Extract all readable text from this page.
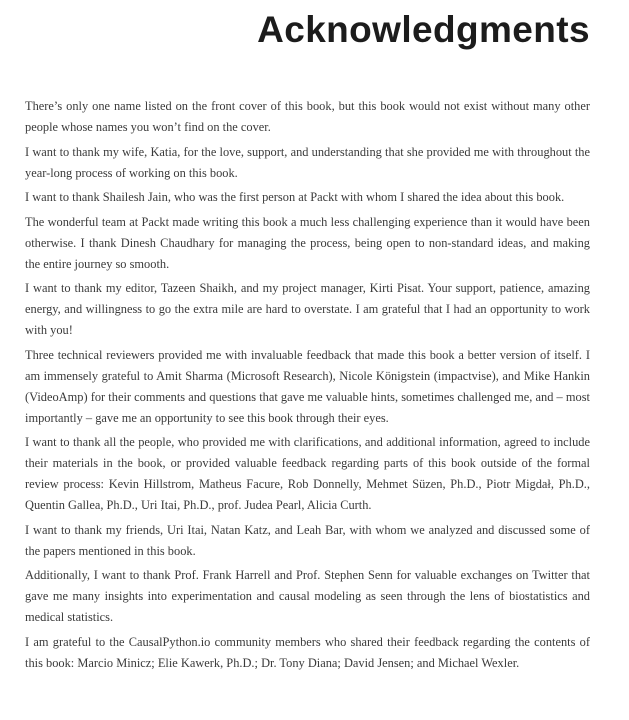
Acknowledgments

There’s only one name listed on the front cover of this book, but this book would not exist without many other people whose names you won’t find on the cover.

I want to thank my wife, Katia, for the love, support, and understanding that she provided me with throughout the year-long process of working on this book.

I want to thank Shailesh Jain, who was the first person at Packt with whom I shared the idea about this book.

The wonderful team at Packt made writing this book a much less challenging experience than it would have been otherwise. I thank Dinesh Chaudhary for managing the process, being open to non-standard ideas, and making the entire journey so smooth.

I want to thank my editor, Tazeen Shaikh, and my project manager, Kirti Pisat. Your support, patience, amazing energy, and willingness to go the extra mile are hard to overstate. I am grateful that I had an opportunity to work with you!

Three technical reviewers provided me with invaluable feedback that made this book a better version of itself. I am immensely grateful to Amit Sharma (Microsoft Research), Nicole Königstein (impactvise), and Mike Hankin (VideoAmp) for their comments and questions that gave me valuable hints, sometimes challenged me, and – most importantly – gave me an opportunity to see this book through their eyes.

I want to thank all the people, who provided me with clarifications, and additional information, agreed to include their materials in the book, or provided valuable feedback regarding parts of this book outside of the formal review process: Kevin Hillstrom, Matheus Facure, Rob Donnelly, Mehmet Süzen, Ph.D., Piotr Migdał, Ph.D., Quentin Gallea, Ph.D., Uri Itai, Ph.D., prof. Judea Pearl, Alicia Curth.

I want to thank my friends, Uri Itai, Natan Katz, and Leah Bar, with whom we analyzed and discussed some of the papers mentioned in this book.

Additionally, I want to thank Prof. Frank Harrell and Prof. Stephen Senn for valuable exchanges on Twitter that gave me many insights into experimentation and causal modeling as seen through the lens of biostatistics and medical statistics.

I am grateful to the CausalPython.io community members who shared their feedback regarding the contents of this book: Marcio Minicz; Elie Kawerk, Ph.D.; Dr. Tony Diana; David Jensen; and Michael Wexler.
